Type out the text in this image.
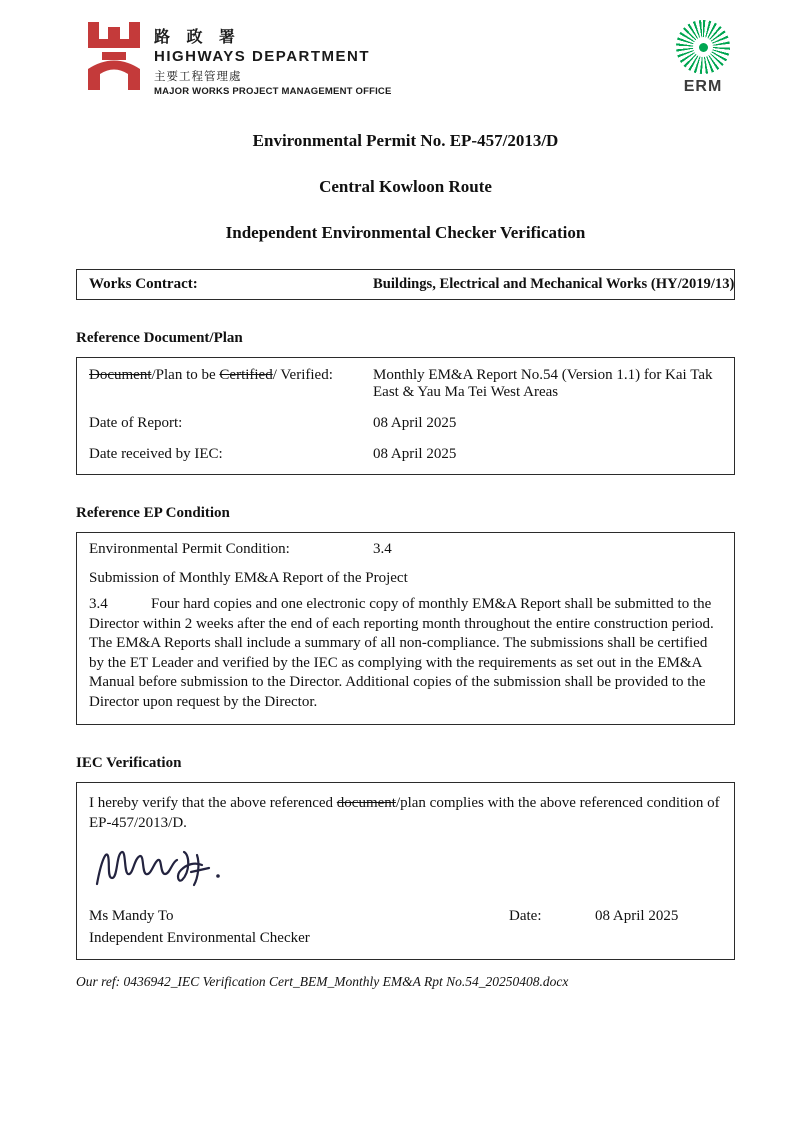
路 政 署
HIGHWAYS DEPARTMENT
主要工程管理處
MAJOR WORKS PROJECT MANAGEMENT OFFICE	ERM
Environmental Permit No. EP-457/2013/D
Central Kowloon Route
Independent Environmental Checker Verification
Works Contract:	Buildings, Electrical and Mechanical Works (HY/2019/13)
Reference Document/Plan
Document/Plan to be Certified/ Verified:	Monthly EM&A Report No.54 (Version 1.1) for Kai Tak East & Yau Ma Tei West Areas
Date of Report:	08 April 2025
Date received by IEC:	08 April 2025
Reference EP Condition
Environmental Permit Condition:	3.4
Submission of Monthly EM&A Report of the Project

3.4	Four hard copies and one electronic copy of monthly EM&A Report shall be submitted to the Director within 2 weeks after the end of each reporting month throughout the entire construction period. The EM&A Reports shall include a summary of all non-compliance. The submissions shall be certified by the ET Leader and verified by the IEC as complying with the requirements as set out in the EM&A Manual before submission to the Director. Additional copies of the submission shall be provided to the Director upon request by the Director.

IEC Verification

I hereby verify that the above referenced document/plan complies with the above referenced condition of EP-457/2013/D.

Ms Mandy To	Date:	08 April 2025
Independent Environmental Checker

Our ref: 0436942_IEC Verification Cert_BEM_Monthly EM&A Rpt No.54_20250408.docx
